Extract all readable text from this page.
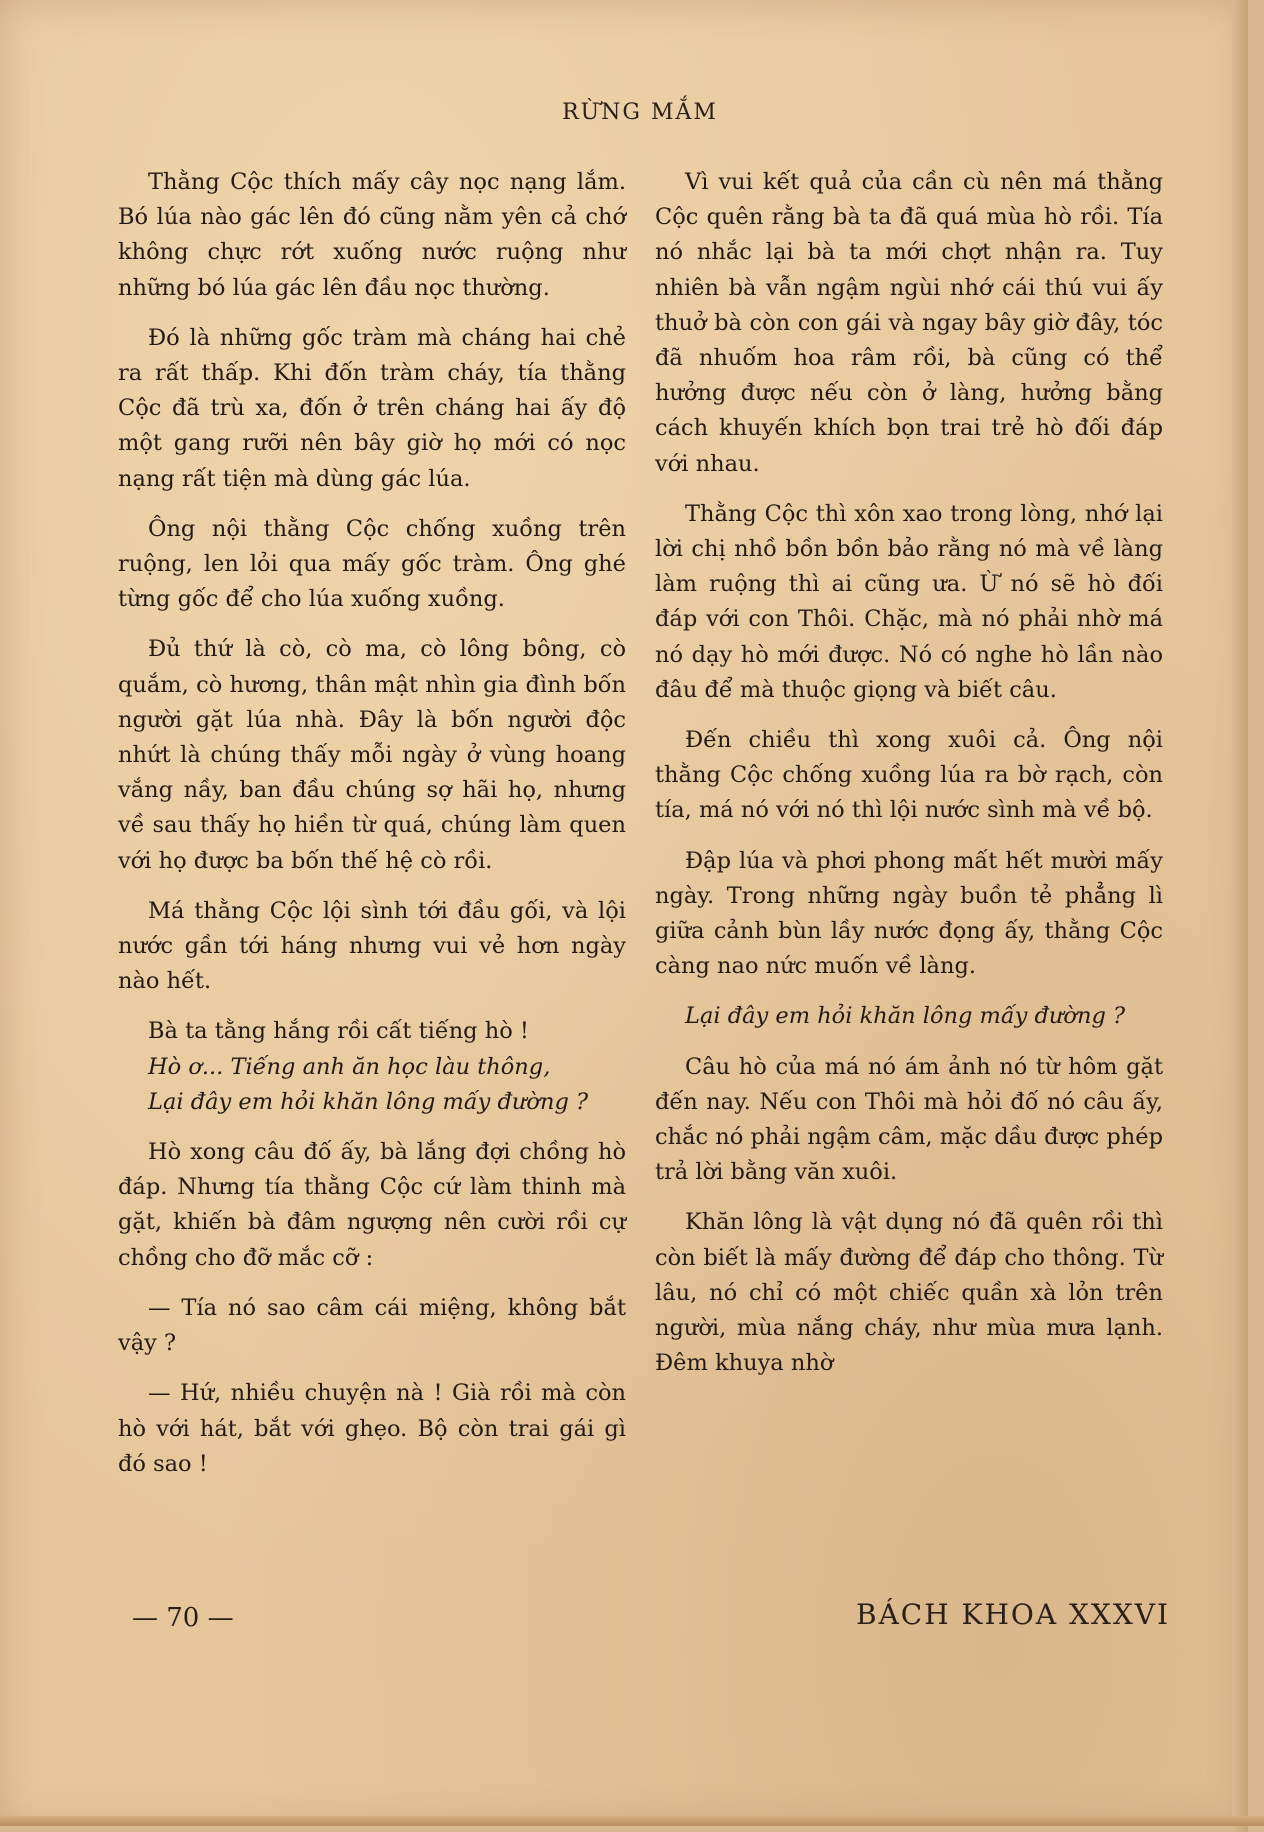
RỪNG MẮM

Thằng Cộc thích mấy cây nọc nạng lắm. Bó lúa nào gác lên đó cũng nằm yên cả chớ không chực rớt xuống nước ruộng như những bó lúa gác lên đầu nọc thường.

Đó là những gốc tràm mà cháng hai chẻ ra rất thấp. Khi đốn tràm cháy, tía thằng Cộc đã trù xa, đốn ở trên cháng hai ấy độ một gang rưỡi nên bây giờ họ mới có nọc nạng rất tiện mà dùng gác lúa.

Ông nội thằng Cộc chống xuồng trên ruộng, len lỏi qua mấy gốc tràm. Ông ghé từng gốc để cho lúa xuống xuồng.

Đủ thứ là cò, cò ma, cò lông bông, cò quắm, cò hương, thân mật nhìn gia đình bốn người gặt lúa nhà. Đây là bốn người độc nhứt là chúng thấy mỗi ngày ở vùng hoang vắng nầy, ban đầu chúng sợ hãi họ, nhưng về sau thấy họ hiền từ quá, chúng làm quen với họ được ba bốn thế hệ cò rồi.

Má thằng Cộc lội sình tới đầu gối, và lội nước gần tới háng nhưng vui vẻ hơn ngày nào hết.

Bà ta tằng hắng rồi cất tiếng hò !

Hò ơ... Tiếng anh ăn học làu thông,

Lại đây em hỏi khăn lông mấy đường ?

Hò xong câu đố ấy, bà lắng đợi chồng hò đáp. Nhưng tía thằng Cộc cứ làm thinh mà gặt, khiến bà đâm ngượng nên cười rồi cự chồng cho đỡ mắc cỡ :

— Tía nó sao câm cái miệng, không bắt vậy ?

— Hứ, nhiều chuyện nà ! Già rồi mà còn hò với hát, bắt với ghẹo. Bộ còn trai gái gì đó sao !

Vì vui kết quả của cần cù nên má thằng Cộc quên rằng bà ta đã quá mùa hò rồi. Tía nó nhắc lại bà ta mới chợt nhận ra. Tuy nhiên bà vẫn ngậm ngùi nhớ cái thú vui ấy thuở bà còn con gái và ngay bây giờ đây, tóc đã nhuốm hoa râm rồi, bà cũng có thể hưởng được nếu còn ở làng, hưởng bằng cách khuyến khích bọn trai trẻ hò đối đáp với nhau.

Thằng Cộc thì xôn xao trong lòng, nhớ lại lời chị nhồ bồn bồn bảo rằng nó mà về làng làm ruộng thì ai cũng ưa. Ừ nó sẽ hò đối đáp với con Thôi. Chặc, mà nó phải nhờ má nó dạy hò mới được. Nó có nghe hò lần nào đâu để mà thuộc giọng và biết câu.

Đến chiều thì xong xuôi cả. Ông nội thằng Cộc chống xuồng lúa ra bờ rạch, còn tía, má nó với nó thì lội nước sình mà về bộ.

Đập lúa và phơi phong mất hết mười mấy ngày. Trong những ngày buồn tẻ phẳng lì giữa cảnh bùn lầy nước đọng ấy, thằng Cộc càng nao nức muốn về làng.

Lại đây em hỏi khăn lông mấy đường ?

Câu hò của má nó ám ảnh nó từ hôm gặt đến nay. Nếu con Thôi mà hỏi đố nó câu ấy, chắc nó phải ngậm câm, mặc dầu được phép trả lời bằng văn xuôi.

Khăn lông là vật dụng nó đã quên rồi thì còn biết là mấy đường để đáp cho thông. Từ lâu, nó chỉ có một chiếc quần xà lỏn trên người, mùa nắng cháy, như mùa mưa lạnh. Đêm khuya nhờ

— 70 —	BÁCH KHOA XXXVI
